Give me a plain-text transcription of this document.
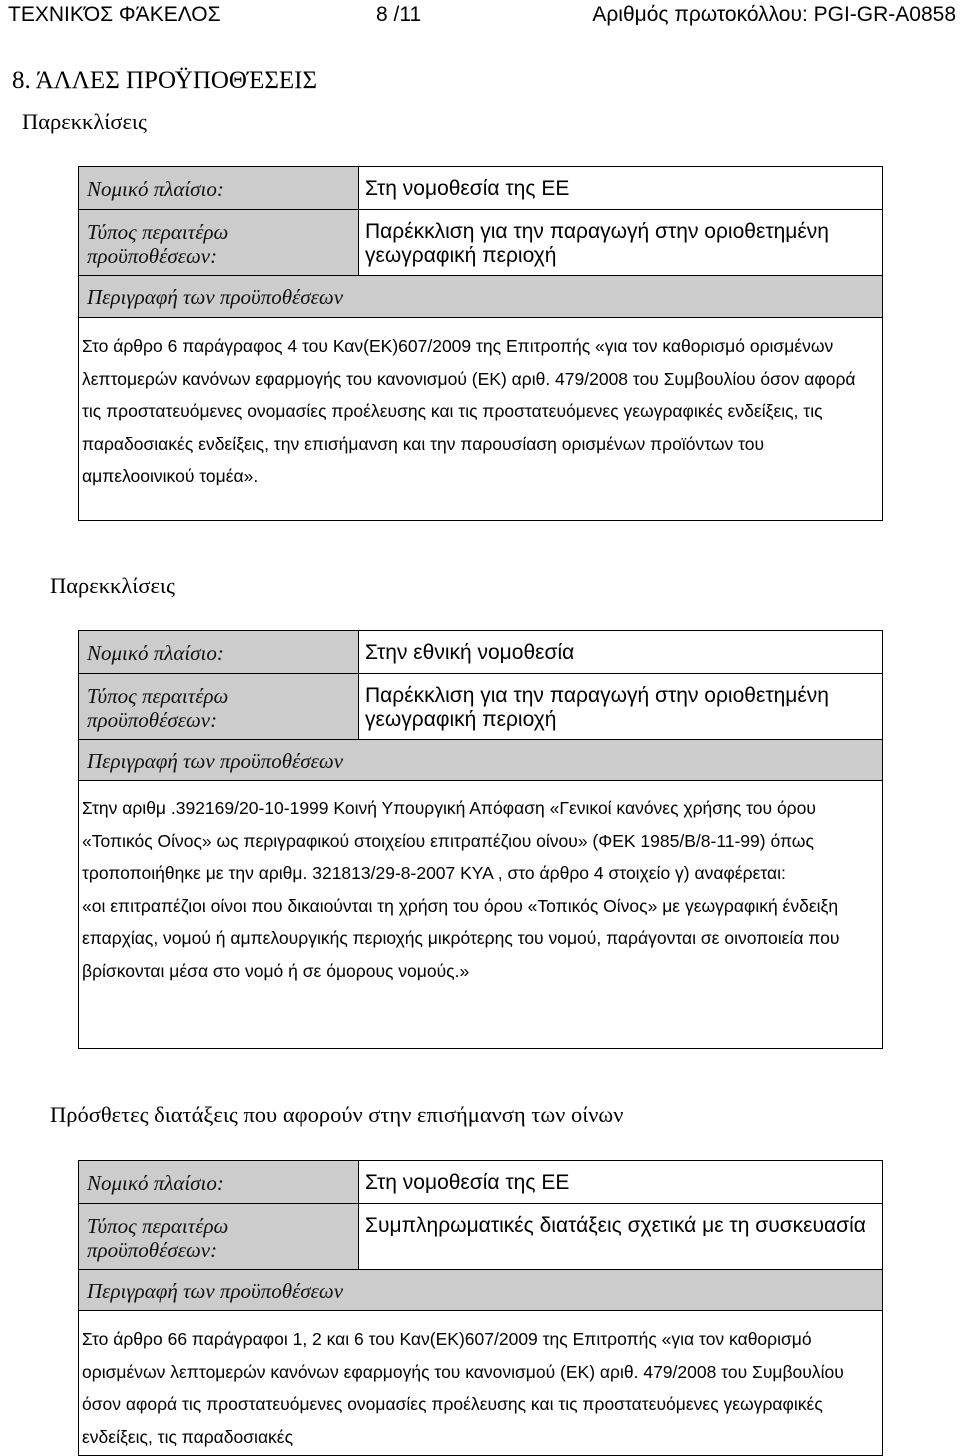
ΤΕΧΝΙΚΌΣ ΦΆΚΕΛΟΣ	8 /11	Αριθμός πρωτοκόλλου: PGI-GR-A0858
8. ΆΛΛΕΣ ΠΡΟΫΠΟΘΈΣΕΙΣ
Παρεκκλίσεις
Νομικό πλαίσιο:	Στη νομοθεσία της ΕΕ
Τύπος περαιτέρω προϋποθέσεων:	Παρέκκλιση για την παραγωγή στην οριοθετημένη γεωγραφική περιοχή
Περιγραφή των προϋποθέσεων	
Στο άρθρο 6 παράγραφος 4 του Καν(ΕΚ)607/2009 της Επιτροπής «για τον καθορισμό ορισμένων λεπτομερών κανόνων εφαρμογής του κανονισμού (ΕΚ) αριθ. 479/2008 του Συμβουλίου όσον αφορά τις προστατευόμενες ονομασίες προέλευσης και τις προστατευόμενες γεωγραφικές ενδείξεις, τις παραδοσιακές ενδείξεις, την επισήμανση και την παρουσίαση ορισμένων προϊόντων του αμπελοοινικού τομέα».	
Παρεκκλίσεις
Νομικό πλαίσιο:	Στην εθνική νομοθεσία
Τύπος περαιτέρω προϋποθέσεων:	Παρέκκλιση για την παραγωγή στην οριοθετημένη γεωγραφική περιοχή
Περιγραφή των προϋποθέσεων	

Στην αριθμ .392169/20-10-1999 Κοινή Υπουργική Απόφαση «Γενικοί κανόνες χρήσης του όρου «Τοπικός Οίνος» ως περιγραφικού στοιχείου επιτραπέζιου οίνου» (ΦΕΚ 1985/Β/8-11-99) όπως τροποποιήθηκε με την αριθμ. 321813/29-8-2007 ΚΥΑ , στο άρθρο 4 στοιχείο γ) αναφέρεται:
«οι επιτραπέζιοι οίνοι που δικαιούνται τη χρήση του όρου «Τοπικός Οίνος» με γεωγραφική ένδειξη επαρχίας, νομού ή αμπελουργικής περιοχής μικρότερης του νομού, παράγονται σε οινοποιεία που βρίσκονται μέσα στο νομό ή σε όμορους νομούς.»	
Πρόσθετες διατάξεις που αφορούν στην επισήμανση των οίνων
Νομικό πλαίσιο:	Στη νομοθεσία της ΕΕ
Τύπος περαιτέρω προϋποθέσεων:	Συμπληρωματικές διατάξεις σχετικά με τη συσκευασία
Περιγραφή των προϋποθέσεων	
Στο άρθρο 66 παράγραφοι 1, 2 και 6 του Καν(ΕΚ)607/2009 της Επιτροπής «για τον καθορισμό ορισμένων λεπτομερών κανόνων εφαρμογής του κανονισμού (ΕΚ) αριθ. 479/2008 του Συμβουλίου όσον αφορά τις προστατευόμενες ονομασίες προέλευσης και τις προστατευόμενες γεωγραφικές ενδείξεις, τις παραδοσιακές	
